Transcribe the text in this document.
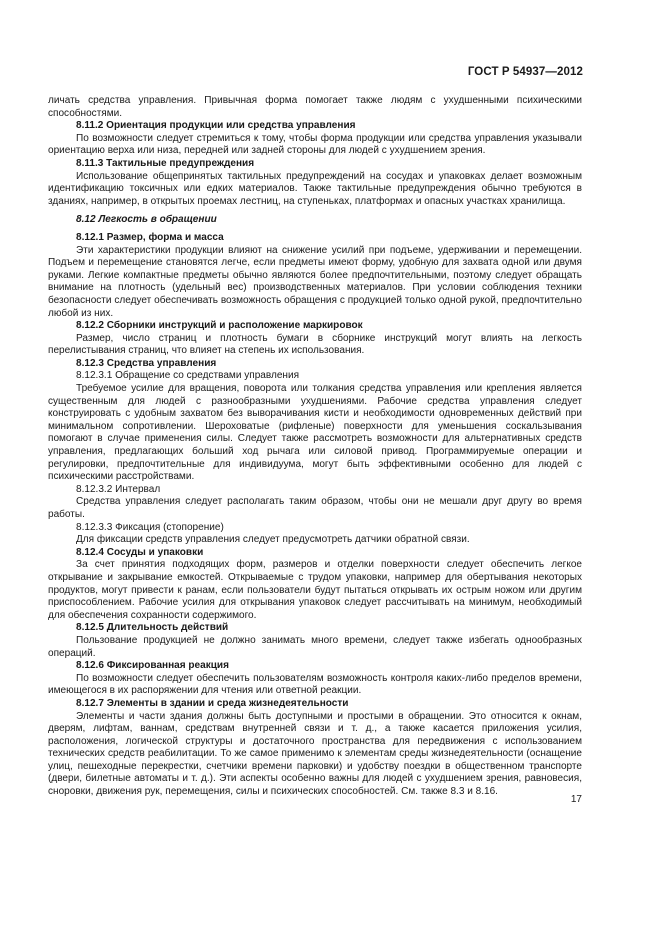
ГОСТ Р 54937—2012

личать средства управления. Привычная форма помогает также людям с ухудшенными психическими способностями.

8.11.2 Ориентация продукции или средства управления

По возможности следует стремиться к тому, чтобы форма продукции или средства управления указывали ориентацию верха или низа, передней или задней стороны для людей с ухудшением зрения.

8.11.3 Тактильные предупреждения

Использование общепринятых тактильных предупреждений на сосудах и упаковках делает возможным идентификацию токсичных или едких материалов. Также тактильные предупреждения обычно требуются в зданиях, например, в открытых проемах лестниц, на ступеньках, платформах и опасных участках хранилища.

8.12 Легкость в обращении

8.12.1 Размер, форма и масса

Эти характеристики продукции влияют на снижение усилий при подъеме, удерживании и перемещении. Подъем и перемещение становятся легче, если предметы имеют форму, удобную для захвата одной или двумя руками. Легкие компактные предметы обычно являются более предпочтительными, поэтому следует обращать внимание на плотность (удельный вес) производственных материалов. При условии соблюдения техники безопасности следует обеспечивать возможность обращения с продукцией только одной рукой, предпочтительно любой из них.

8.12.2 Сборники инструкций и расположение маркировок

Размер, число страниц и плотность бумаги в сборнике инструкций могут влиять на легкость перелистывания страниц, что влияет на степень их использования.

8.12.3 Средства управления

8.12.3.1 Обращение со средствами управления

Требуемое усилие для вращения, поворота или толкания средства управления или крепления является существенным для людей с разнообразными ухудшениями. Рабочие средства управления следует конструировать с удобным захватом без выворачивания кисти и необходимости одновременных действий при минимальном сопротивлении. Шероховатые (рифленые) поверхности для уменьшения соскальзывания помогают в случае применения силы. Следует также рассмотреть возможности для альтернативных средств управления, предлагающих больший ход рычага или силовой привод. Программируемые операции и регулировки, предпочтительные для индивидуума, могут быть эффективными особенно для людей с психическими расстройствами.

8.12.3.2 Интервал

Средства управления следует располагать таким образом, чтобы они не мешали друг другу во время работы.

8.12.3.3 Фиксация (стопорение)

Для фиксации средств управления следует предусмотреть датчики обратной связи.

8.12.4 Сосуды и упаковки

За счет принятия подходящих форм, размеров и отделки поверхности следует обеспечить легкое открывание и закрывание емкостей. Открываемые с трудом упаковки, например для обертывания некоторых продуктов, могут привести к ранам, если пользователи будут пытаться открывать их острым ножом или другим приспособлением. Рабочие усилия для открывания упаковок следует рассчитывать на минимум, необходимый для обеспечения сохранности содержимого.

8.12.5 Длительность действий

Пользование продукцией не должно занимать много времени, следует также избегать однообразных операций.

8.12.6 Фиксированная реакция

По возможности следует обеспечить пользователям возможность контроля каких-либо пределов времени, имеющегося в их распоряжении для чтения или ответной реакции.

8.12.7 Элементы в здании и среда жизнедеятельности

Элементы и части здания должны быть доступными и простыми в обращении. Это относится к окнам, дверям, лифтам, ваннам, средствам внутренней связи и т. д., а также касается приложения усилия, расположения, логической структуры и достаточного пространства для передвижения с использованием технических средств реабилитации. То же самое применимо к элементам среды жизнедеятельности (оснащение улиц, пешеходные перекрестки, счетчики времени парковки) и удобству поездки в общественном транспорте (двери, билетные автоматы и т. д.). Эти аспекты особенно важны для людей с ухудшением зрения, равновесия, сноровки, движения рук, перемещения, силы и психических способностей. См. также 8.3 и 8.16.

17
